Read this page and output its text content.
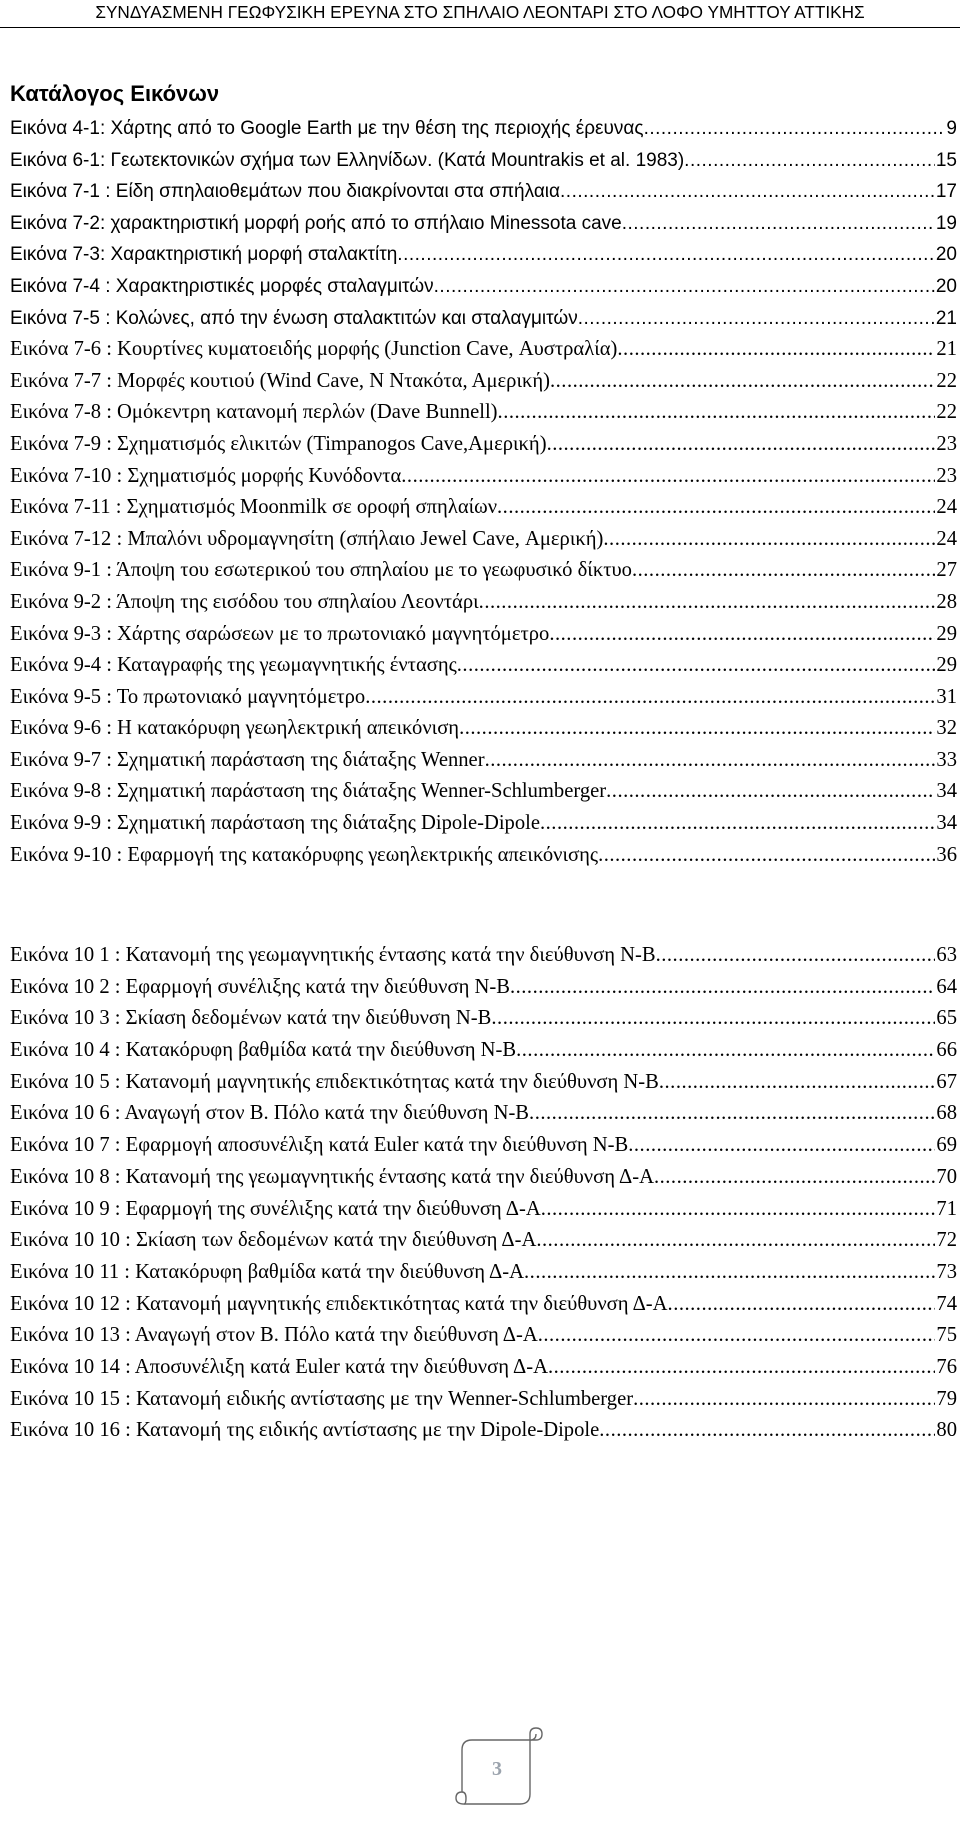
ΣΥΝΔΥΑΣΜΕΝΗ ΓΕΩΦΥΣΙΚΗ ΕΡΕΥΝΑ ΣΤΟ ΣΠΗΛΑΙΟ ΛΕΟΝΤΑΡΙ ΣΤΟ ΛΟΦΟ ΥΜΗΤΤΟΥ ΑΤΤΙΚΗΣ
Κατάλογος Εικόνων
Εικόνα 4-1: Χάρτης από το Google Earth με την θέση της περιοχής έρευνας .....	9
Εικόνα 6-1: Γεωτεκτονικών σχήμα των Ελληνίδων. (Κατά Mountrakis et al. 1983) .....	15
Εικόνα 7-1 : Είδη σπηλαιοθεμάτων που διακρίνονται στα σπήλαια .....	17
Εικόνα 7-2: χαρακτηριστική μορφή ροής από το σπήλαιο Minessota cave .....	19
Εικόνα 7-3: Χαρακτηριστική μορφή σταλακτίτη .....	20
Εικόνα 7-4 : Χαρακτηριστικές μορφές σταλαγμιτών .....	20
Εικόνα 7-5 : Κολώνες, από την ένωση σταλακτιτών και σταλαγμιτών .....	21
Εικόνα 7-6 : Κουρτίνες κυματοειδής μορφής (Junction Cave, Αυστραλία) .....	21
Εικόνα 7-7 : Μορφές κουτιού (Wind Cave, Ν Ντακότα, Αμερική) .....	22
Εικόνα 7-8 : Ομόκεντρη κατανομή περλών (Dave Bunnell) .....	22
Εικόνα 7-9 : Σχηματισμός ελικιτών (Timpanogos Cave,Αμερική) .....	23
Εικόνα 7-10 : Σχηματισμός μορφής Κυνόδοντα .....	23
Εικόνα 7-11 : Σχηματισμός Moonmilk σε οροφή σπηλαίων .....	24
Εικόνα 7-12 : Μπαλόνι υδρομαγνησίτη (σπήλαιο Jewel Cave, Αμερική) .....	24
Εικόνα 9-1 : Άποψη του εσωτερικού του σπηλαίου με το γεωφυσικό δίκτυο .....	27
Εικόνα 9-2 : Άποψη της εισόδου του σπηλαίου Λεοντάρι .....	28
Εικόνα 9-3 : Χάρτης σαρώσεων με το πρωτονιακό μαγνητόμετρο .....	29
Εικόνα 9-4 : Καταγραφής της γεωμαγνητικής έντασης .....	29
Εικόνα 9-5 : Το πρωτονιακό μαγνητόμετρο .....	31
Εικόνα 9-6 : Η κατακόρυφη γεωηλεκτρική απεικόνιση .....	32
Εικόνα 9-7 : Σχηματική παράσταση της διάταξης Wenner .....	33
Εικόνα 9-8 : Σχηματική παράσταση της διάταξης Wenner-Schlumberger .....	34
Εικόνα 9-9 : Σχηματική παράσταση της διάταξης Dipole-Dipole .....	34
Εικόνα 9-10 : Εφαρμογή της κατακόρυφης γεωηλεκτρικής απεικόνισης .....	36
Εικόνα 10 1 : Κατανομή της γεωμαγνητικής έντασης κατά την διεύθυνση Ν-Β .....	63
Εικόνα 10 2 : Εφαρμογή συνέλιξης κατά την διεύθυνση Ν-Β .....	64
Εικόνα 10 3 : Σκίαση δεδομένων κατά την διεύθυνση Ν-Β .....	65
Εικόνα 10 4 : Κατακόρυφη βαθμίδα κατά την διεύθυνση Ν-Β .....	66
Εικόνα 10 5 : Κατανομή μαγνητικής επιδεκτικότητας κατά την διεύθυνση Ν-Β .....	67
Εικόνα 10 6 : Αναγωγή στον Β. Πόλο κατά την διεύθυνση Ν-Β .....	68
Εικόνα 10 7 : Εφαρμογή αποσυνέλιξη κατά Euler κατά την διεύθυνση Ν-Β .....	69
Εικόνα 10 8 : Κατανομή της γεωμαγνητικής έντασης κατά την διεύθυνση Δ-Α .....	70
Εικόνα 10 9 : Εφαρμογή της συνέλιξης κατά την διεύθυνση Δ-Α .....	71
Εικόνα 10 10 : Σκίαση των δεδομένων κατά την διεύθυνση Δ-Α .....	72
Εικόνα 10 11 : Κατακόρυφη βαθμίδα κατά την διεύθυνση Δ-Α .....	73
Εικόνα 10 12 : Κατανομή μαγνητικής επιδεκτικότητας κατά την διεύθυνση Δ-Α .....	74
Εικόνα 10 13 : Αναγωγή στον Β. Πόλο κατά την διεύθυνση Δ-Α .....	75
Εικόνα 10 14 : Αποσυνέλιξη κατά Euler κατά την διεύθυνση Δ-Α .....	76
Εικόνα 10 15 : Κατανομή ειδικής αντίστασης με την Wenner-Schlumberger .....	79
Εικόνα 10 16 : Κατανομή της ειδικής αντίστασης με την Dipole-Dipole .....	80
3
